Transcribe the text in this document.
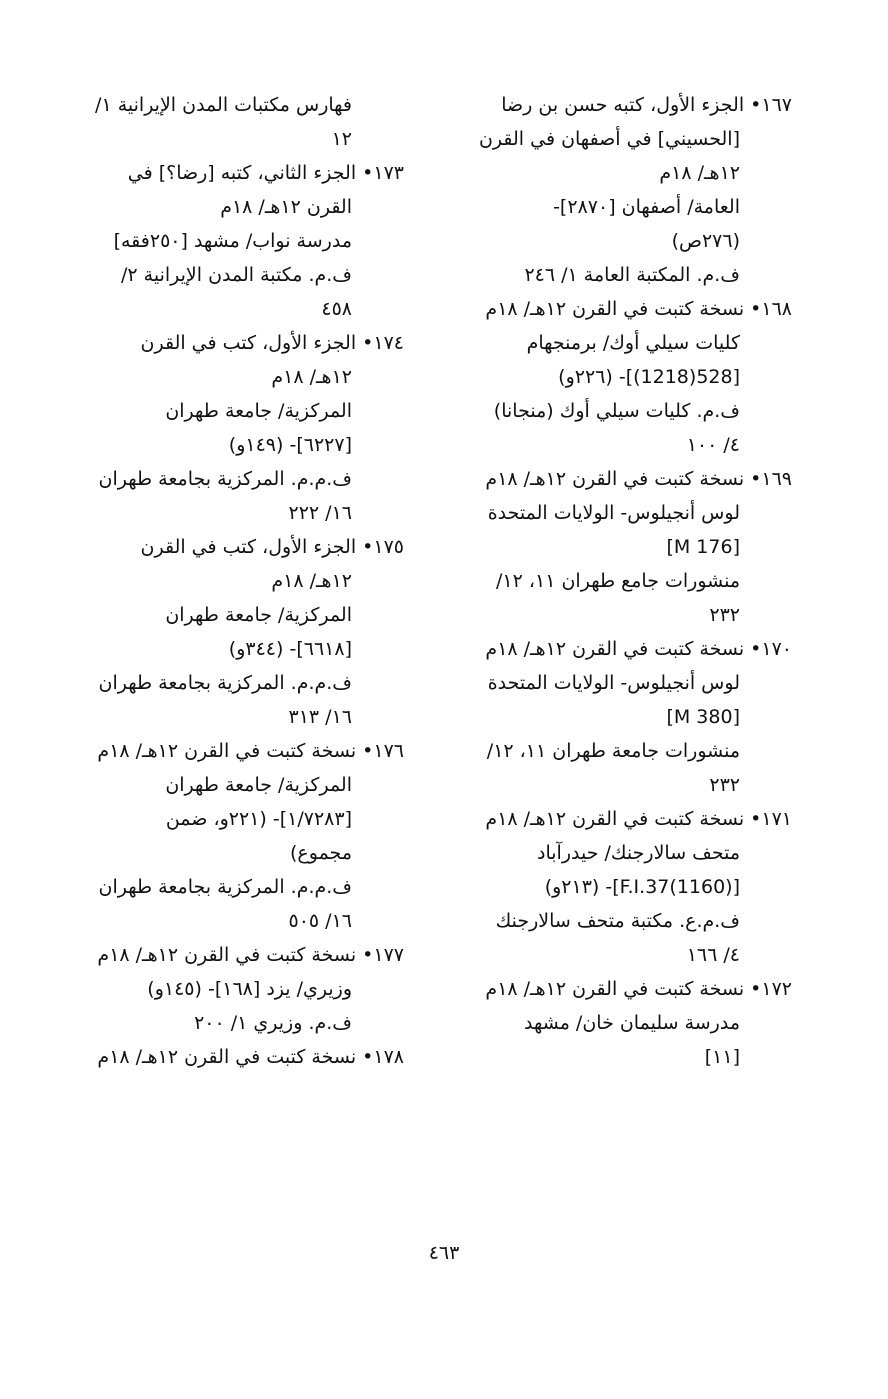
١٦٧• الجزء الأول، كتبه حسن بن رضا
[الحسيني] في أصفهان في القرن
١٢هـ/ ١٨م
العامة/ أصفهان [٢٨٧٠]-
(٢٧٦ص)
ف.م. المكتبة العامة ١/ ٢٤٦
١٦٨• نسخة كتبت في القرن ١٢هـ/ ١٨م
كليات سيلي أوك/ برمنجهام
[528(1218)]- (٢٢٦و)
ف.م. كليات سيلي أوك (منجانا)
٤/ ١٠٠
١٦٩• نسخة كتبت في القرن ١٢هـ/ ١٨م
لوس أنجيلوس- الولايات المتحدة
[M 176]
منشورات جامع طهران ١١، ١٢/
٢٣٢
١٧٠• نسخة كتبت في القرن ١٢هـ/ ١٨م
لوس أنجيلوس- الولايات المتحدة
[M 380]
منشورات جامعة طهران ١١، ١٢/
٢٣٢
١٧١• نسخة كتبت في القرن ١٢هـ/ ١٨م
متحف سالارجنك/ حيدرآباد
[(1160)F.I.37]- (٢١٣و)
ف.م.ع. مكتبة متحف سالارجنك
٤/ ١٦٦
١٧٢• نسخة كتبت في القرن ١٢هـ/ ١٨م
مدرسة سليمان خان/ مشهد
[١١]
فهارس مكتبات المدن الإيرانية ١/
١٢
١٧٣• الجزء الثاني، كتبه [رضا؟] في
القرن ١٢هـ/ ١٨م
مدرسة نواب/ مشهد [٢٥٠فقه]
ف.م. مكتبة المدن الإيرانية ٢/
٤٥٨
١٧٤• الجزء الأول، كتب في القرن
١٢هـ/ ١٨م
المركزية/ جامعة طهران
[٦٢٢٧]- (١٤٩و)
ف.م.م. المركزية بجامعة طهران
١٦/ ٢٢٢
١٧٥• الجزء الأول، كتب في القرن
١٢هـ/ ١٨م
المركزية/ جامعة طهران
[٦٦١٨]- (٣٤٤و)
ف.م.م. المركزية بجامعة طهران
١٦/ ٣١٣
١٧٦• نسخة كتبت في القرن ١٢هـ/ ١٨م
المركزية/ جامعة طهران
[١/٧٢٨٣]- (٢٢١و، ضمن
مجموع)
ف.م.م. المركزية بجامعة طهران
١٦/ ٥٠٥
١٧٧• نسخة كتبت في القرن ١٢هـ/ ١٨م
وزيري/ يزد [١٦٨]- (١٤٥و)
ف.م. وزيري ١/ ٢٠٠
١٧٨• نسخة كتبت في القرن ١٢هـ/ ١٨م
٤٦٣
